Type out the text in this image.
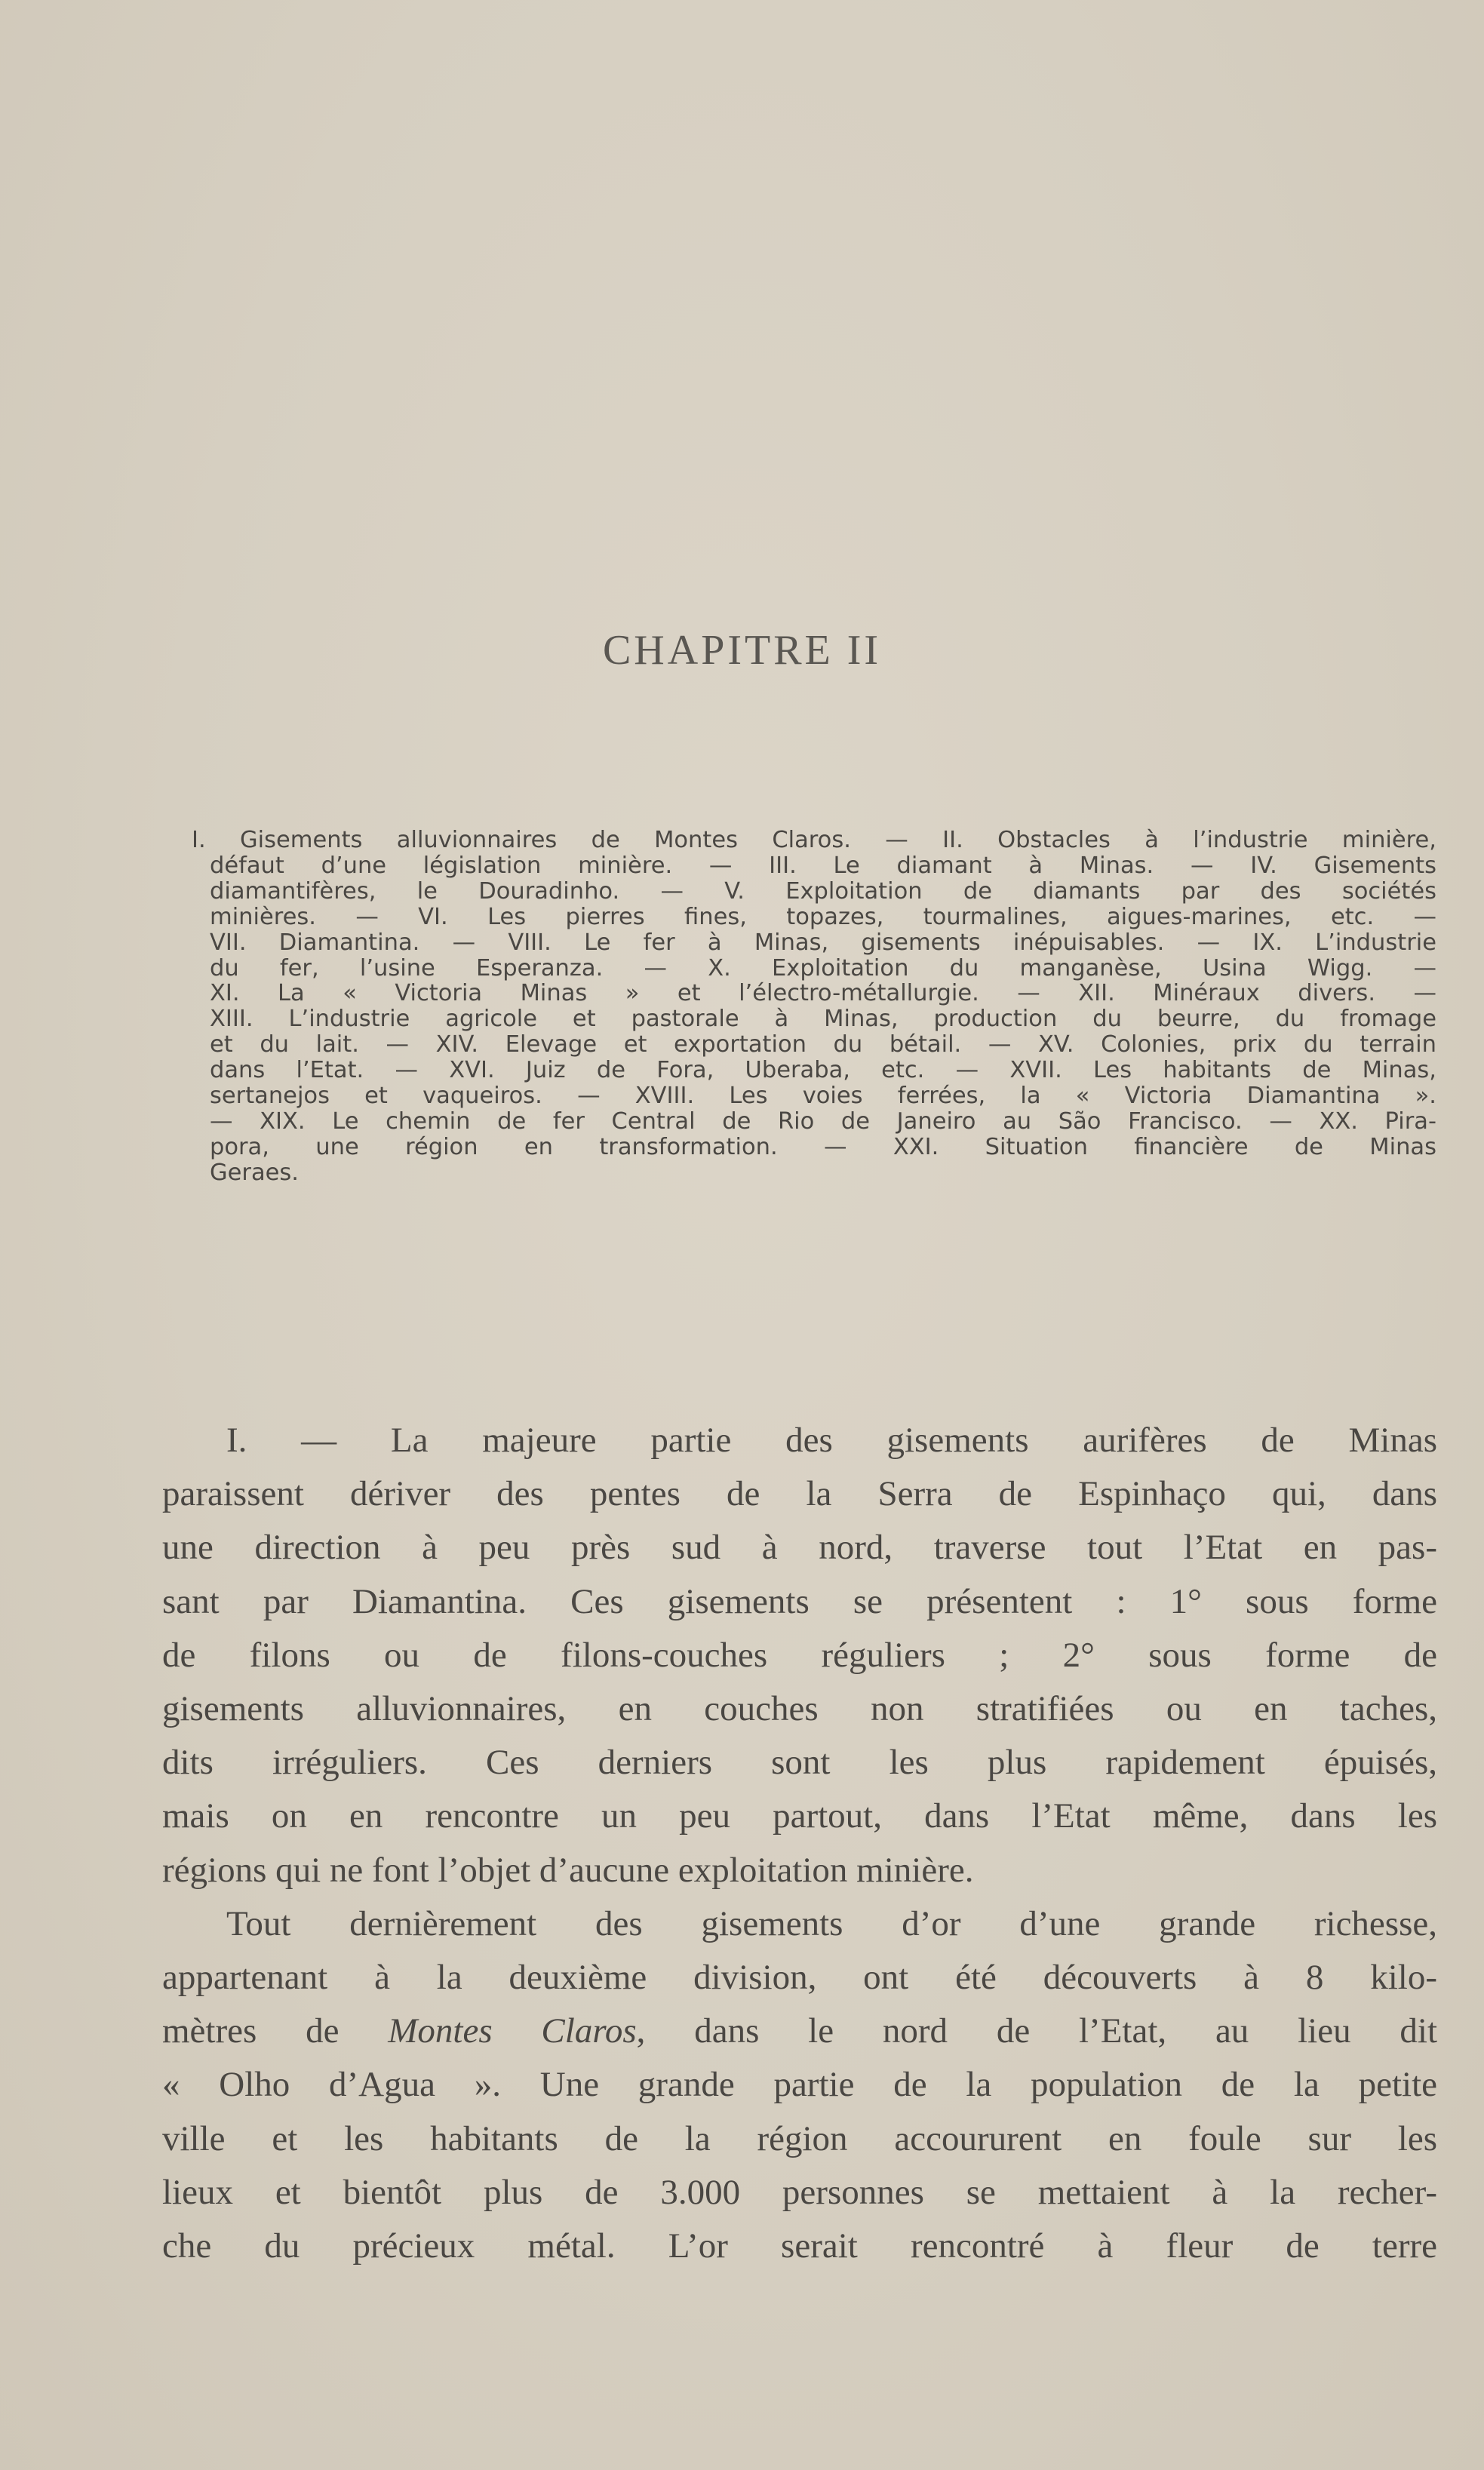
CHAPITRE II
I. Gisements alluvionnaires de Montes Claros. — II. Obstacles à l’industrie minière,
défaut d’une législation minière. — III. Le diamant à Minas. — IV. Gisements
diamantifères, le Douradinho. — V. Exploitation de diamants par des sociétés
minières. — VI. Les pierres fines, topazes, tourmalines, aigues-marines, etc. —
VII. Diamantina. — VIII. Le fer à Minas, gisements inépuisables. — IX. L’industrie
du fer, l’usine Esperanza. — X. Exploitation du manganèse, Usina Wigg. —
XI. La « Victoria Minas » et l’électro-métallurgie. — XII. Minéraux divers. —
XIII. L’industrie agricole et pastorale à Minas, production du beurre, du fromage
et du lait. — XIV. Elevage et exportation du bétail. — XV. Colonies, prix du terrain
dans l’Etat. — XVI. Juiz de Fora, Uberaba, etc. — XVII. Les habitants de Minas,
sertanejos et vaqueiros. — XVIII. Les voies ferrées, la « Victoria Diamantina ».
— XIX. Le chemin de fer Central de Rio de Janeiro au São Francisco. — XX. Pira-
pora, une région en transformation. — XXI. Situation financière de Minas
Geraes.
I. — La majeure partie des gisements aurifères de Minas
paraissent dériver des pentes de la Serra de Espinhaço qui, dans
une direction à peu près sud à nord, traverse tout l’Etat en pas-
sant par Diamantina. Ces gisements se présentent : 1° sous forme
de filons ou de filons-couches réguliers ; 2° sous forme de
gisements alluvionnaires, en couches non stratifiées ou en taches,
dits irréguliers. Ces derniers sont les plus rapidement épuisés,
mais on en rencontre un peu partout, dans l’Etat même, dans les
régions qui ne font l’objet d’aucune exploitation minière.
Tout dernièrement des gisements d’or d’une grande richesse,
appartenant à la deuxième division, ont été découverts à 8 kilo-
mètres de Montes Claros, dans le nord de l’Etat, au lieu dit
« Olho d’Agua ». Une grande partie de la population de la petite
ville et les habitants de la région accoururent en foule sur les
lieux et bientôt plus de 3.000 personnes se mettaient à la recher-
che du précieux métal. L’or serait rencontré à fleur de terre
